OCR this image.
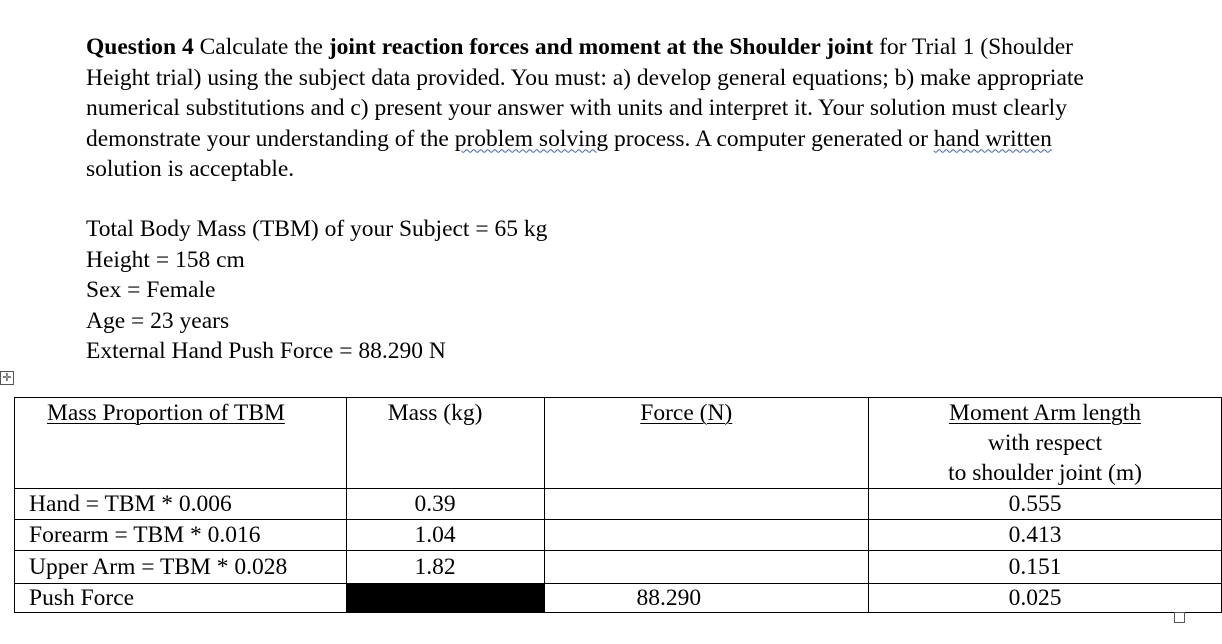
Question 4 Calculate the joint reaction forces and moment at the Shoulder joint for Trial 1 (Shoulder Height trial) using the subject data provided. You must: a) develop general equations; b) make appropriate numerical substitutions and c) present your answer with units and interpret it. Your solution must clearly demonstrate your understanding of the problem solving process. A computer generated or hand written solution is acceptable.

Total Body Mass (TBM) of your Subject = 65 kg
Height = 158 cm
Sex = Female
Age = 23 years
External Hand Push Force = 88.290 N
✛
Mass Proportion of TBM	Mass (kg)	Force (N)	Moment Arm length
with respect
to shoulder joint (m)

Hand = TBM * 0.006	0.39		0.555
Forearm = TBM * 0.016	1.04		0.413
Upper Arm = TBM * 0.028	1.82		0.151
Push Force		88.290	0.025
